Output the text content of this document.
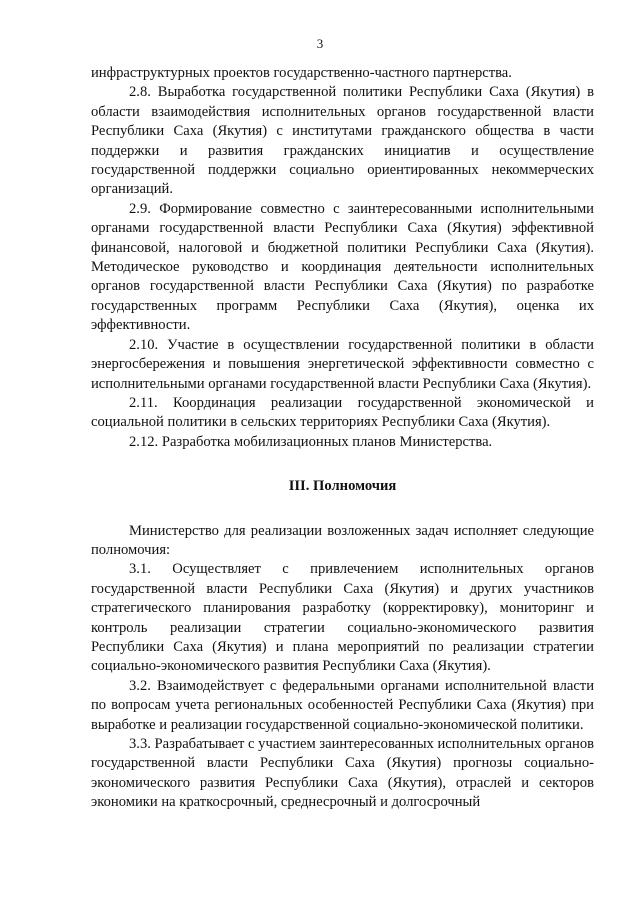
3

инфраструктурных проектов государственно-частного партнерства.

2.8. Выработка государственной политики Республики Саха (Якутия) в области взаимодействия исполнительных органов государственной власти Республики Саха (Якутия) с институтами гражданского общества в части поддержки и развития гражданских инициатив и осуществление государственной поддержки социально ориентированных некоммерческих организаций.

2.9. Формирование совместно с заинтересованными исполнительными органами государственной власти Республики Саха (Якутия) эффективной финансовой, налоговой и бюджетной политики Республики Саха (Якутия). Методическое руководство и координация деятельности исполнительных органов государственной власти Республики Саха (Якутия) по разработке государственных программ Республики Саха (Якутия), оценка их эффективности.

2.10. Участие в осуществлении государственной политики в области энергосбережения и повышения энергетической эффективности совместно с исполнительными органами государственной власти Республики Саха (Якутия).

2.11. Координация реализации государственной экономической и социальной политики в сельских территориях Республики Саха (Якутия).

2.12. Разработка мобилизационных планов Министерства.

III. Полномочия

Министерство для реализации возложенных задач исполняет следующие полномочия:

3.1. Осуществляет с привлечением исполнительных органов государственной власти Республики Саха (Якутия) и других участников стратегического планирования разработку (корректировку), мониторинг и контроль реализации стратегии социально-экономического развития Республики Саха (Якутия) и плана мероприятий по реализации стратегии социально-экономического развития Республики Саха (Якутия).

3.2. Взаимодействует с федеральными органами исполнительной власти по вопросам учета региональных особенностей Республики Саха (Якутия) при выработке и реализации государственной социально-экономической политики.

3.3. Разрабатывает с участием заинтересованных исполнительных органов государственной власти Республики Саха (Якутия) прогнозы социально-экономического развития Республики Саха (Якутия), отраслей и секторов экономики на краткосрочный, среднесрочный и долгосрочный
